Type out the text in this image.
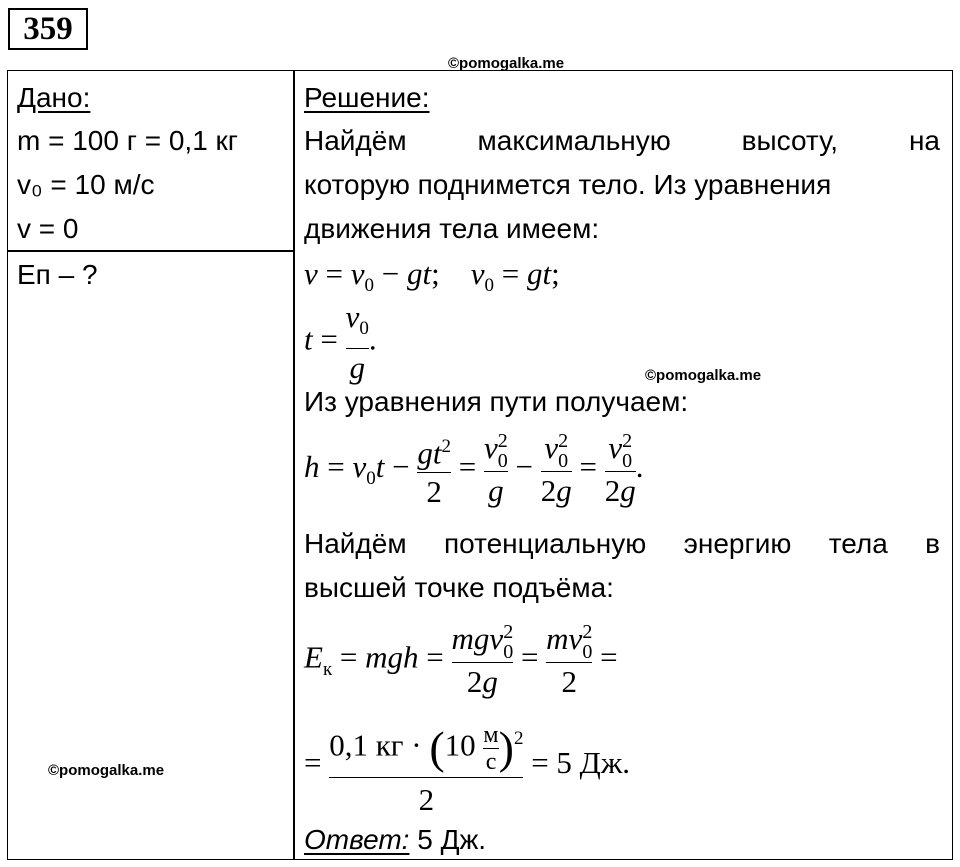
359
©pomogalka.me
©pomogalka.me
©pomogalka.me
Дано:
m = 100 г = 0,1 кг
v₀ = 10 м/с
v = 0
Eп – ?
Решение:
Найдём максимальную высоту, на
которую поднимется тело. Из уравнения
движения тела имеем:
$v = v_0$ − gt;    $v_0$ = gt;
$t = \frac{v_0}{g}$ .
Из уравнения пути получаем:
$h = v_0t - \frac{gt^2}{2} = v$ 2
0
g − v 2
0
2g = v 2
0
2g .
Найдём потенциальную энергию тела в
высшей точке подъёма:
$E_к$ = mgh = mgv 2
0
2g = mv 2
0
2 =
= $\frac{0,1 кг \cdot (10 \frac{м}{с} )^2}{2} = 5$ Дж.
Ответ: 5 Дж.
